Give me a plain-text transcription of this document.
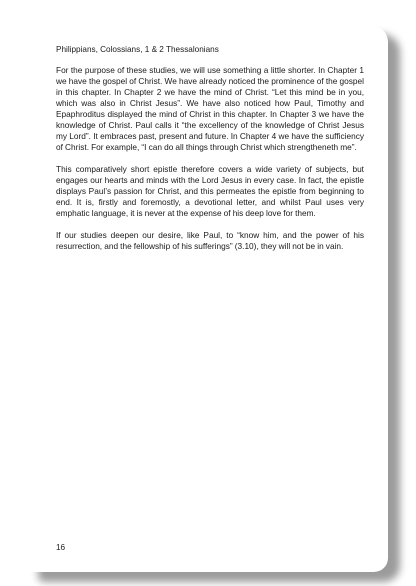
Philippians, Colossians, 1 & 2 Thessalonians

For the purpose of these studies, we will use something a little shorter. In Chapter 1 we have the gospel of Christ. We have already noticed the prominence of the gospel in this chapter. In Chapter 2 we have the mind of Christ. “Let this mind be in you, which was also in Christ Jesus”. We have also noticed how Paul, Timothy and Epaphroditus displayed the mind of Christ in this chapter. In Chapter 3 we have the knowledge of Christ. Paul calls it “the excellency of the knowledge of Christ Jesus my Lord”. It embraces past, present and future. In Chapter 4 we have the sufficiency of Christ. For example, “I can do all things through Christ which strengtheneth me”.

This comparatively short epistle therefore covers a wide variety of subjects, but engages our hearts and minds with the Lord Jesus in every case. In fact, the epistle displays Paul’s passion for Christ, and this permeates the epistle from beginning to end. It is, firstly and foremostly, a devotional letter, and whilst Paul uses very emphatic language, it is never at the expense of his deep love for them.

If our studies deepen our desire, like Paul, to “know him, and the power of his resurrection, and the fellowship of his sufferings” (3.10), they will not be in vain.

16
